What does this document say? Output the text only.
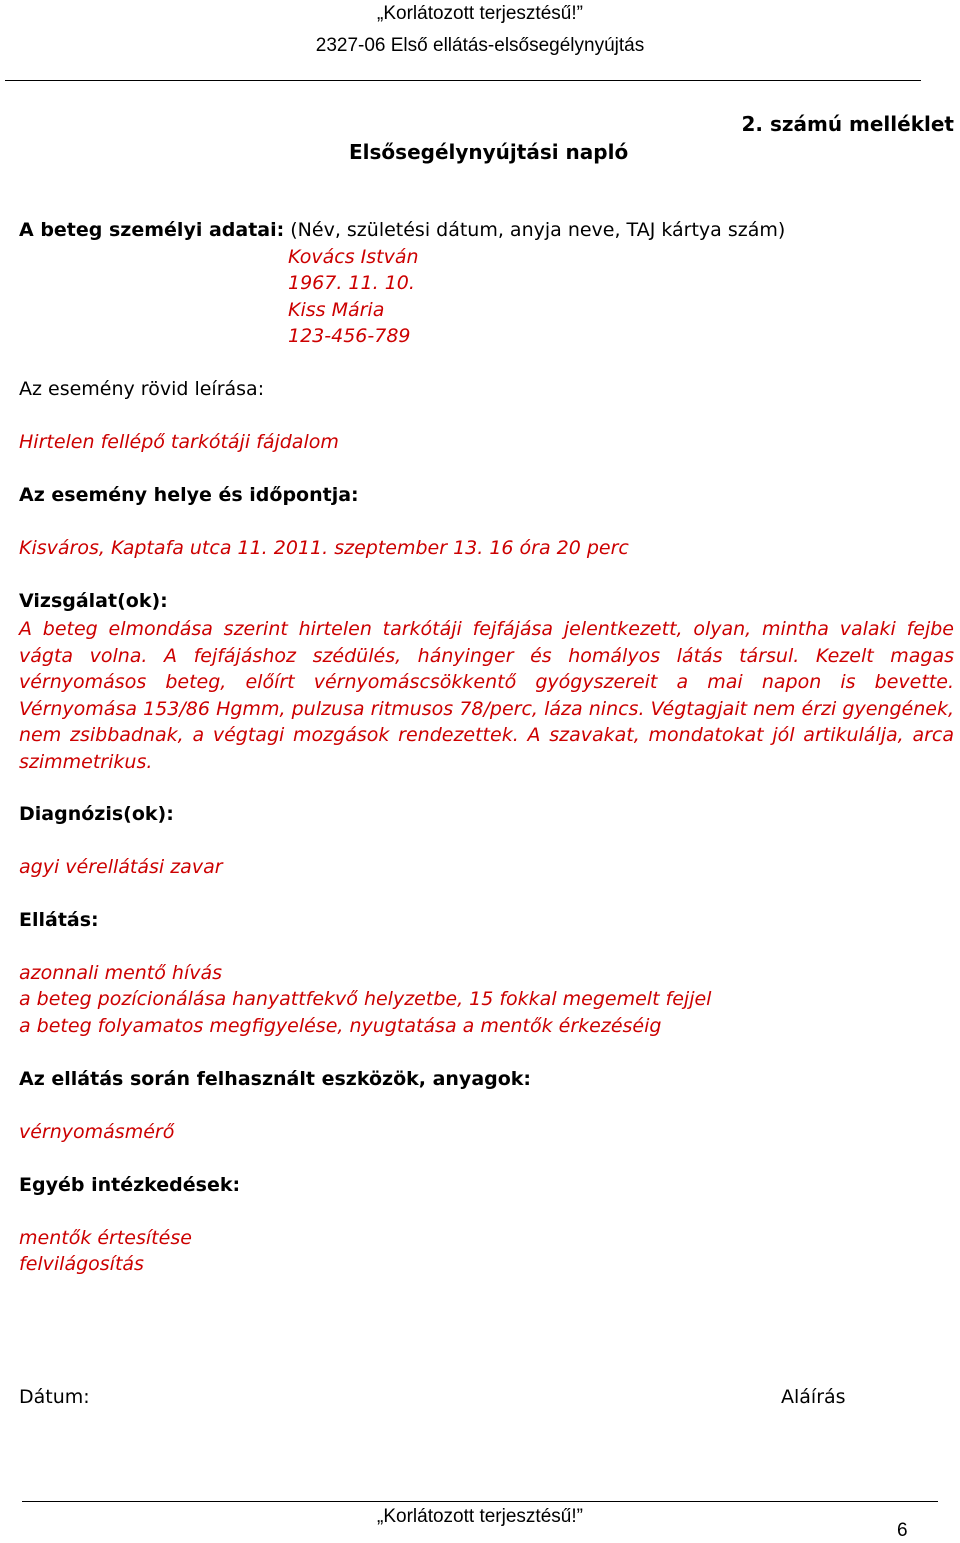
„Korlátozott terjesztésű!”
2327-06 Első ellátás-elsősegélynyújtás
2. számú melléklet
Elsősegélynyújtási napló
A beteg személyi adatai: (Név, születési dátum, anyja neve, TAJ kártya szám)
Kovács István
1967. 11. 10.
Kiss Mária
123-456-789
Az esemény rövid leírása:
Hirtelen fellépő tarkótáji fájdalom
Az esemény helye és időpontja:
Kisváros, Kaptafa utca 11. 2011. szeptember 13. 16 óra 20 perc
Vizsgálat(ok):
A beteg elmondása szerint hirtelen tarkótáji fejfájása jelentkezett, olyan, mintha valaki fejbe vágta volna. A fejfájáshoz szédülés, hányinger és homályos látás társul. Kezelt magas vérnyomásos beteg, előírt vérnyomáscsökkentő gyógyszereit a mai napon is bevette. Vérnyomása 153/86 Hgmm, pulzusa ritmusos 78/perc, láza nincs. Végtagjait nem érzi gyengének, nem zsibbadnak, a végtagi mozgások rendezettek. A szavakat, mondatokat jól artikulálja, arca szimmetrikus.
Diagnózis(ok):
agyi vérellátási zavar
Ellátás:
azonnali mentő hívás
a beteg pozícionálása hanyattfekvő helyzetbe, 15 fokkal megemelt fejjel
a beteg folyamatos megfigyelése, nyugtatása a mentők érkezéséig
Az ellátás során felhasznált eszközök, anyagok:
vérnyomásmérő
Egyéb intézkedések:
mentők értesítése
felvilágosítás
Dátum:	Aláírás
„Korlátozott terjesztésű!”
6
